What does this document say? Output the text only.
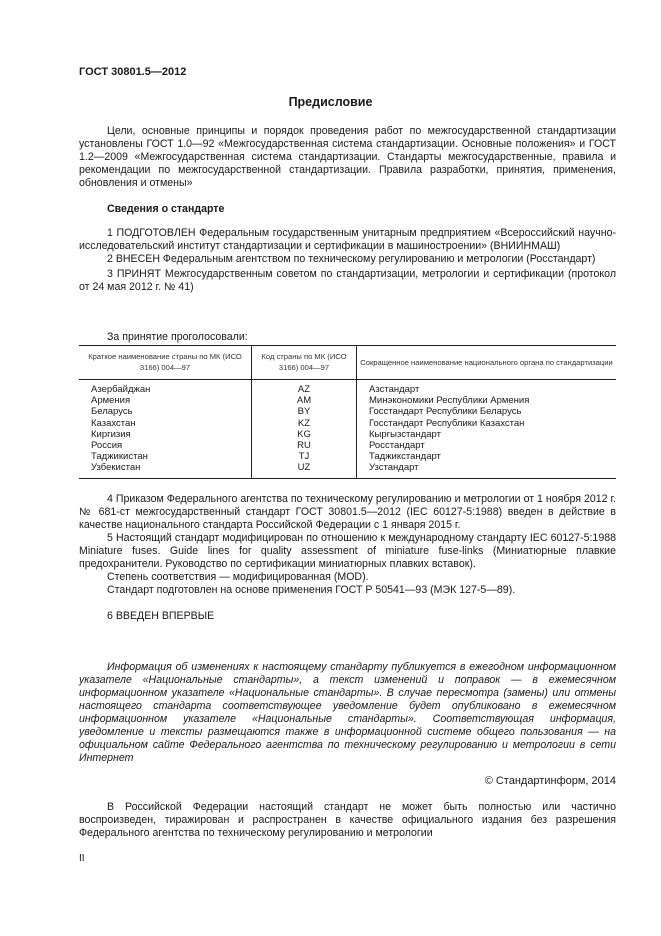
ГОСТ 30801.5—2012
Предисловие
Цели, основные принципы и порядок проведения работ по межгосударственной стандартизации установлены ГОСТ 1.0—92 «Межгосударственная система стандартизации. Основные положения» и ГОСТ 1.2—2009 «Межгосударственная система стандартизации. Стандарты межгосударственные, правила и рекомендации по межгосударственной стандартизации. Правила разработки, принятия, применения, обновления и отмены»
Сведения о стандарте

1 ПОДГОТОВЛЕН Федеральным государственным унитарным предприятием «Всероссийский научно-исследовательский институт стандартизации и сертификации в машиностроении» (ВНИИНМАШ)

2 ВНЕСЕН Федеральным агентством по техническому регулированию и метрологии (Росстандарт)

3 ПРИНЯТ Межгосударственным советом по стандартизации, метрологии и сертификации (протокол от 24 мая 2012 г. № 41)

За принятие проголосовали:
Краткое наименование страны по МК (ИСО 3166) 004—97	Код страны по МК (ИСО 3166) 004—97	Сокращенное наименование национального органа по стандартизации
Азербайджан	AZ	Азстандарт
Армения	AM	Минэкономики Республики Армения
Беларусь	BY	Госстандарт Республики Беларусь
Казахстан	KZ	Госстандарт Республики Казахстан
Киргизия	KG	Кыргызстандарт
Россия	RU	Росстандарт
Таджикистан	TJ	Таджикстандарт
Узбекистан	UZ	Узстандарт

4 Приказом Федерального агентства по техническому регулированию и метрологии от 1 ноября 2012 г. № 681-ст межгосударственный стандарт ГОСТ 30801.5—2012 (IEC 60127-5:1988) введен в действие в качестве национального стандарта Российской Федерации с 1 января 2015 г.

5 Настоящий стандарт модифицирован по отношению к международному стандарту IEC 60127-5:1988 Miniature fuses. Guide lines for quality assessment of miniature fuse-links (Миниатюрные плавкие предохранители. Руководство по сертификации миниатюрных плавких вставок).

Степень соответствия — модифицированная (MOD).

Стандарт подготовлен на основе применения ГОСТ Р 50541—93 (МЭК 127-5—89).

6 ВВЕДЕН ВПЕРВЫЕ
Информация об изменениях к настоящему стандарту публикуется в ежегодном информационном указателе «Национальные стандарты», а текст изменений и поправок — в ежемесячном информационном указателе «Национальные стандарты». В случае пересмотра (замены) или отмены настоящего стандарта соответствующее уведомление будет опубликовано в ежемесячном информационном указателе «Национальные стандарты». Соответствующая информация, уведомление и тексты размещаются также в информационной системе общего пользования — на официальном сайте Федерального агентства по техническому регулированию и метрологии в сети Интернет
© Стандартинформ, 2014
В Российской Федерации настоящий стандарт не может быть полностью или частично воспроизведен, тиражирован и распространен в качестве официального издания без разрешения Федерального агентства по техническому регулированию и метрологии
II
